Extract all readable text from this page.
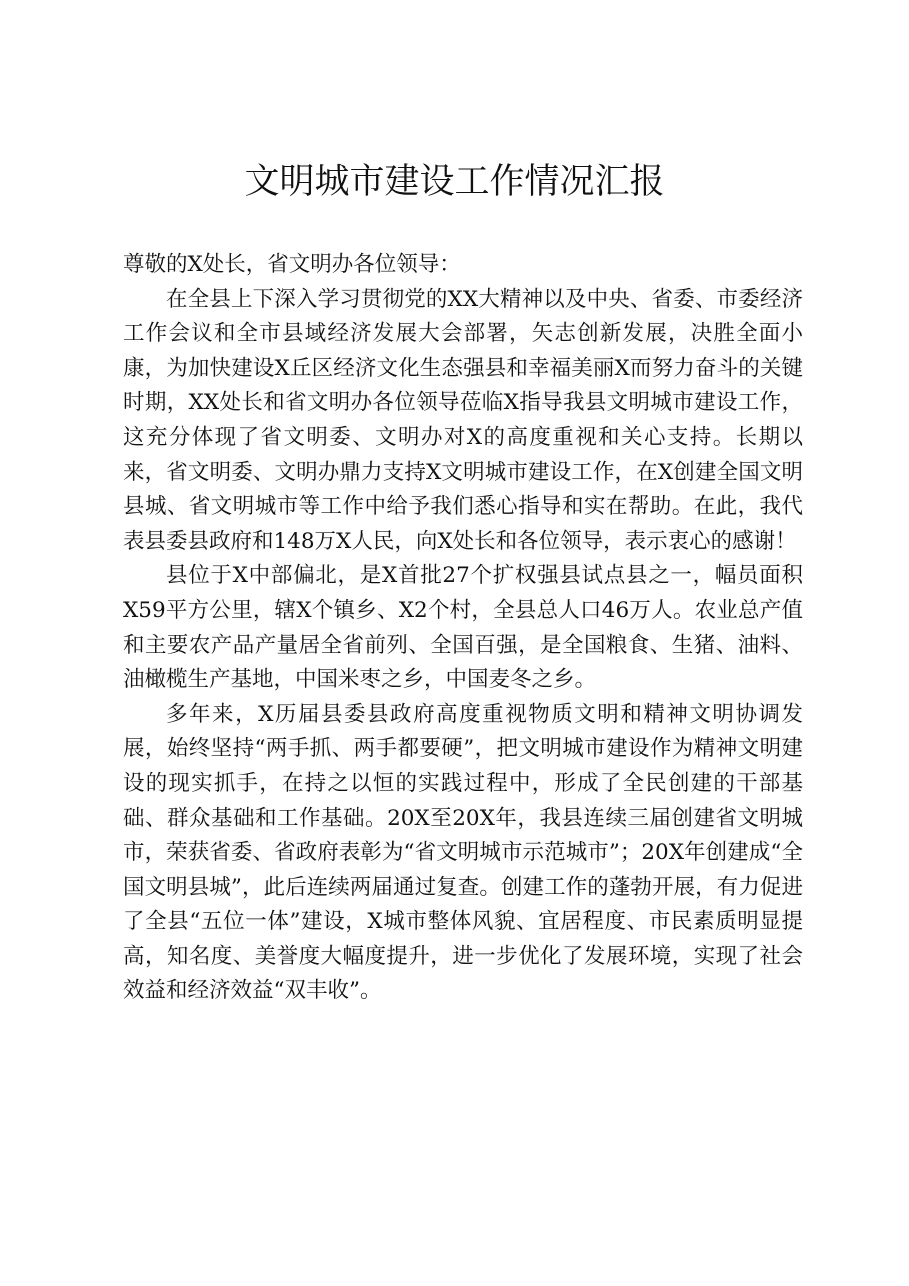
文明城市建设工作情况汇报

尊敬的X处长，省文明办各位领导：

在全县上下深入学习贯彻党的XX大精神以及中央、省委、市委经济工作会议和全市县域经济发展大会部署，矢志创新发展，决胜全面小康，为加快建设X丘区经济文化生态强县和幸福美丽X而努力奋斗的关键时期，XX处长和省文明办各位领导莅临X指导我县文明城市建设工作，这充分体现了省文明委、文明办对X的高度重视和关心支持。长期以来，省文明委、文明办鼎力支持X文明城市建设工作，在X创建全国文明县城、省文明城市等工作中给予我们悉心指导和实在帮助。在此，我代表县委县政府和148万X人民，向X处长和各位领导，表示衷心的感谢！

县位于X中部偏北，是X首批27个扩权强县试点县之一，幅员面积X59平方公里，辖X个镇乡、X2个村，全县总人口46万人。农业总产值和主要农产品产量居全省前列、全国百强，是全国粮食、生猪、油料、油橄榄生产基地，中国米枣之乡，中国麦冬之乡。

多年来，X历届县委县政府高度重视物质文明和精神文明协调发展，始终坚持“两手抓、两手都要硬”，把文明城市建设作为精神文明建设的现实抓手，在持之以恒的实践过程中，形成了全民创建的干部基础、群众基础和工作基础。20X至20X年，我县连续三届创建省文明城市，荣获省委、省政府表彰为“省文明城市示范城市”；20X年创建成“全国文明县城”，此后连续两届通过复查。创建工作的蓬勃开展，有力促进了全县“五位一体”建设，X城市整体风貌、宜居程度、市民素质明显提高，知名度、美誉度大幅度提升，进一步优化了发展环境，实现了社会效益和经济效益“双丰收”。
